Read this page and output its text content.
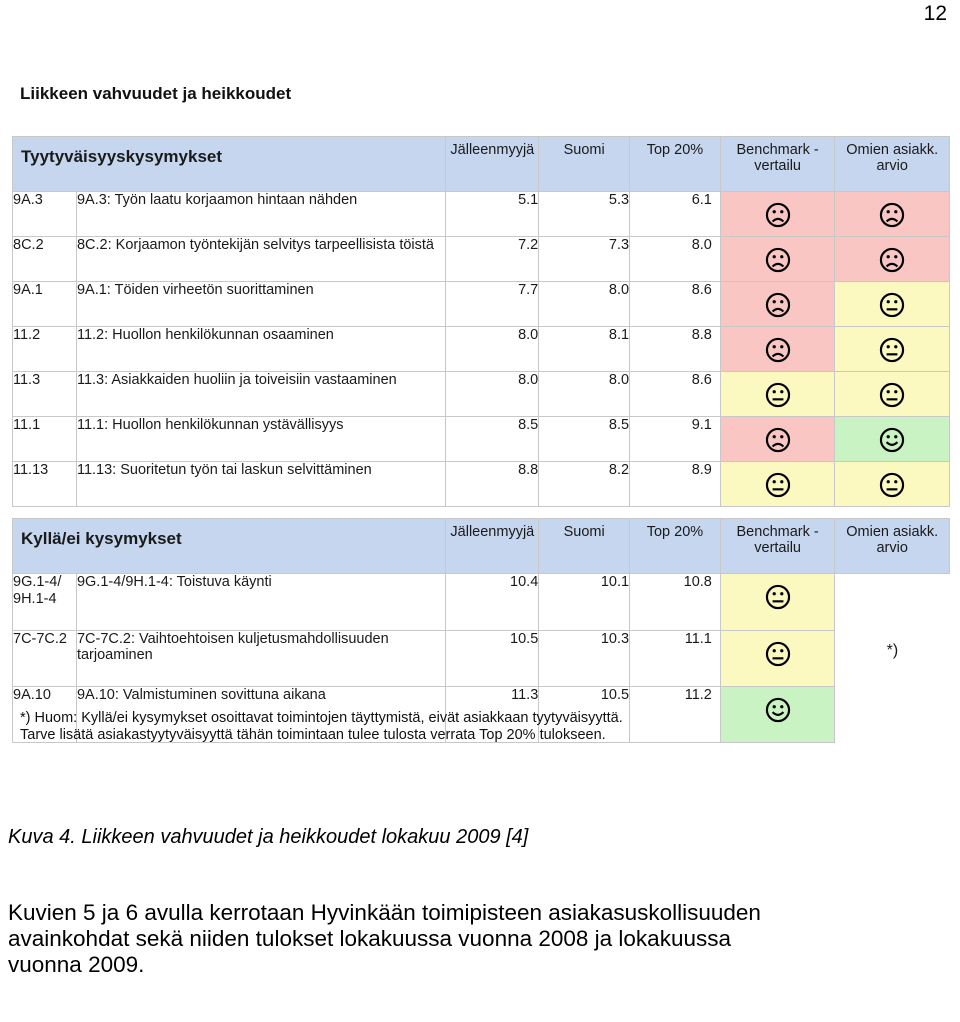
12
Liikkeen vahvuudet ja heikkoudet
Tyytyväisyyskysymykset		Jälleenmyyjä	Suomi	Top 20%	Benchmark - vertailu	Omien asiakk. arvio
9A.3	9A.3: Työn laatu korjaamon hintaan nähden	5.1	5.3	6.1	

8C.2	8C.2: Korjaamon työntekijän selvitys tarpeellisista töistä	7.2	7.3	8.0	

9A.1	9A.1: Töiden virheetön suorittaminen	7.7	8.0	8.6	

11.2	11.2: Huollon henkilökunnan osaaminen	8.0	8.1	8.8	

11.3	11.3: Asiakkaiden huoliin ja toiveisiin vastaaminen	8.0	8.0	8.6	

11.1	11.1: Huollon henkilökunnan ystävällisyys	8.5	8.5	9.1	

11.13	11.13: Suoritetun työn tai laskun selvittäminen	8.8	8.2	8.9	

Kyllä/ei kysymykset		Jälleenmyyjä	Suomi	Top 20%	Benchmark - vertailu	Omien asiakk. arvio
9G.1-4/ 9H.1-4	9G.1-4/9H.1-4: Toistuva käynti	10.4	10.1	10.8	

7C-7C.2	7C-7C.2: Vaihtoehtoisen kuljetusmahdollisuuden tarjoaminen	10.5	10.3	11.1		*)
9A.10	9A.10: Valmistuminen sovittuna aikana	11.3	10.5	11.2	

*) Huom: Kyllä/ei kysymykset osoittavat toimintojen täyttymistä, eivät asiakkaan tyytyväisyyttä.
Tarve lisätä asiakastyytyväisyyttä tähän toimintaan tulee tulosta verrata Top 20% tulokseen.
Kuva 4. Liikkeen vahvuudet ja heikkoudet lokakuu 2009 [4]
Kuvien 5 ja 6 avulla kerrotaan Hyvinkään toimipisteen asiakasuskollisuuden
avainkohdat sekä niiden tulokset lokakuussa vuonna 2008 ja lokakuussa
vuonna 2009.
